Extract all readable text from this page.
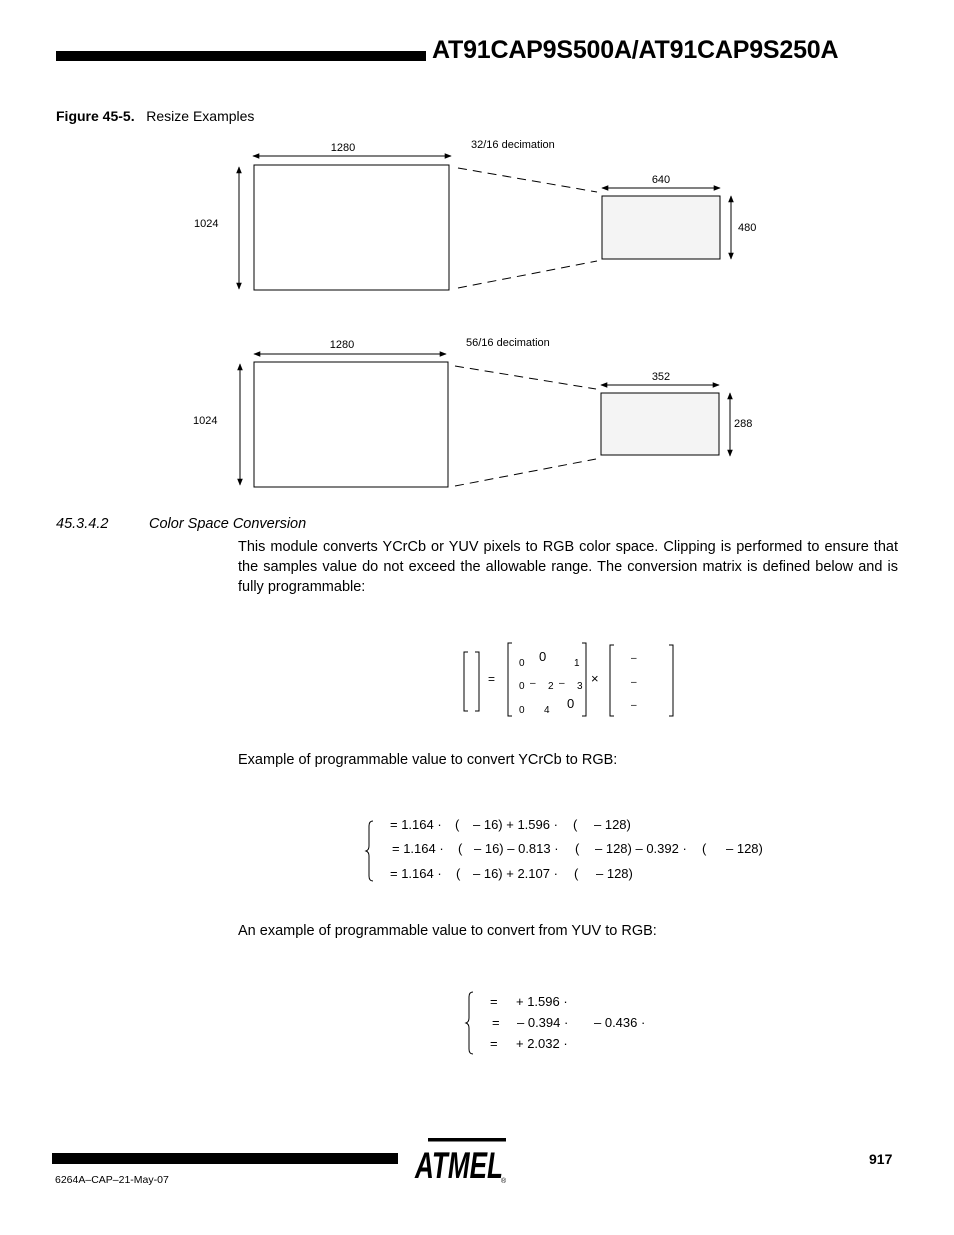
AT91CAP9S500A/AT91CAP9S250A
Figure 45-5. Resize Examples
1280	32/16 decimation
1024
640
480
1280	56/16 decimation
1024
352
288
45.3.4.2	Color Space Conversion
This module converts YCrCb or YUV pixels to RGB color space. Clipping is performed to ensure that the samples value do not exceed the allowable range. The conversion matrix is defined below and is fully programmable:
=
0 0	1
0 – 2 – 3
0 4 0
×
–
–
–
Example of programmable value to convert YCrCb to RGB:
= 1.164 · ( – 16) + 1.596 · ( – 128)
= 1.164 · ( – 16) – 0.813 · ( – 128) – 0.392 · ( – 128)
= 1.164 · ( – 16) + 2.107 · ( – 128)
An example of programmable value to convert from YUV to RGB:
= + 1.596 ·
= – 0.394 · – 0.436 ·
= + 2.032 ·
6264A–CAP–21-May-07
917
ATMEL
®
